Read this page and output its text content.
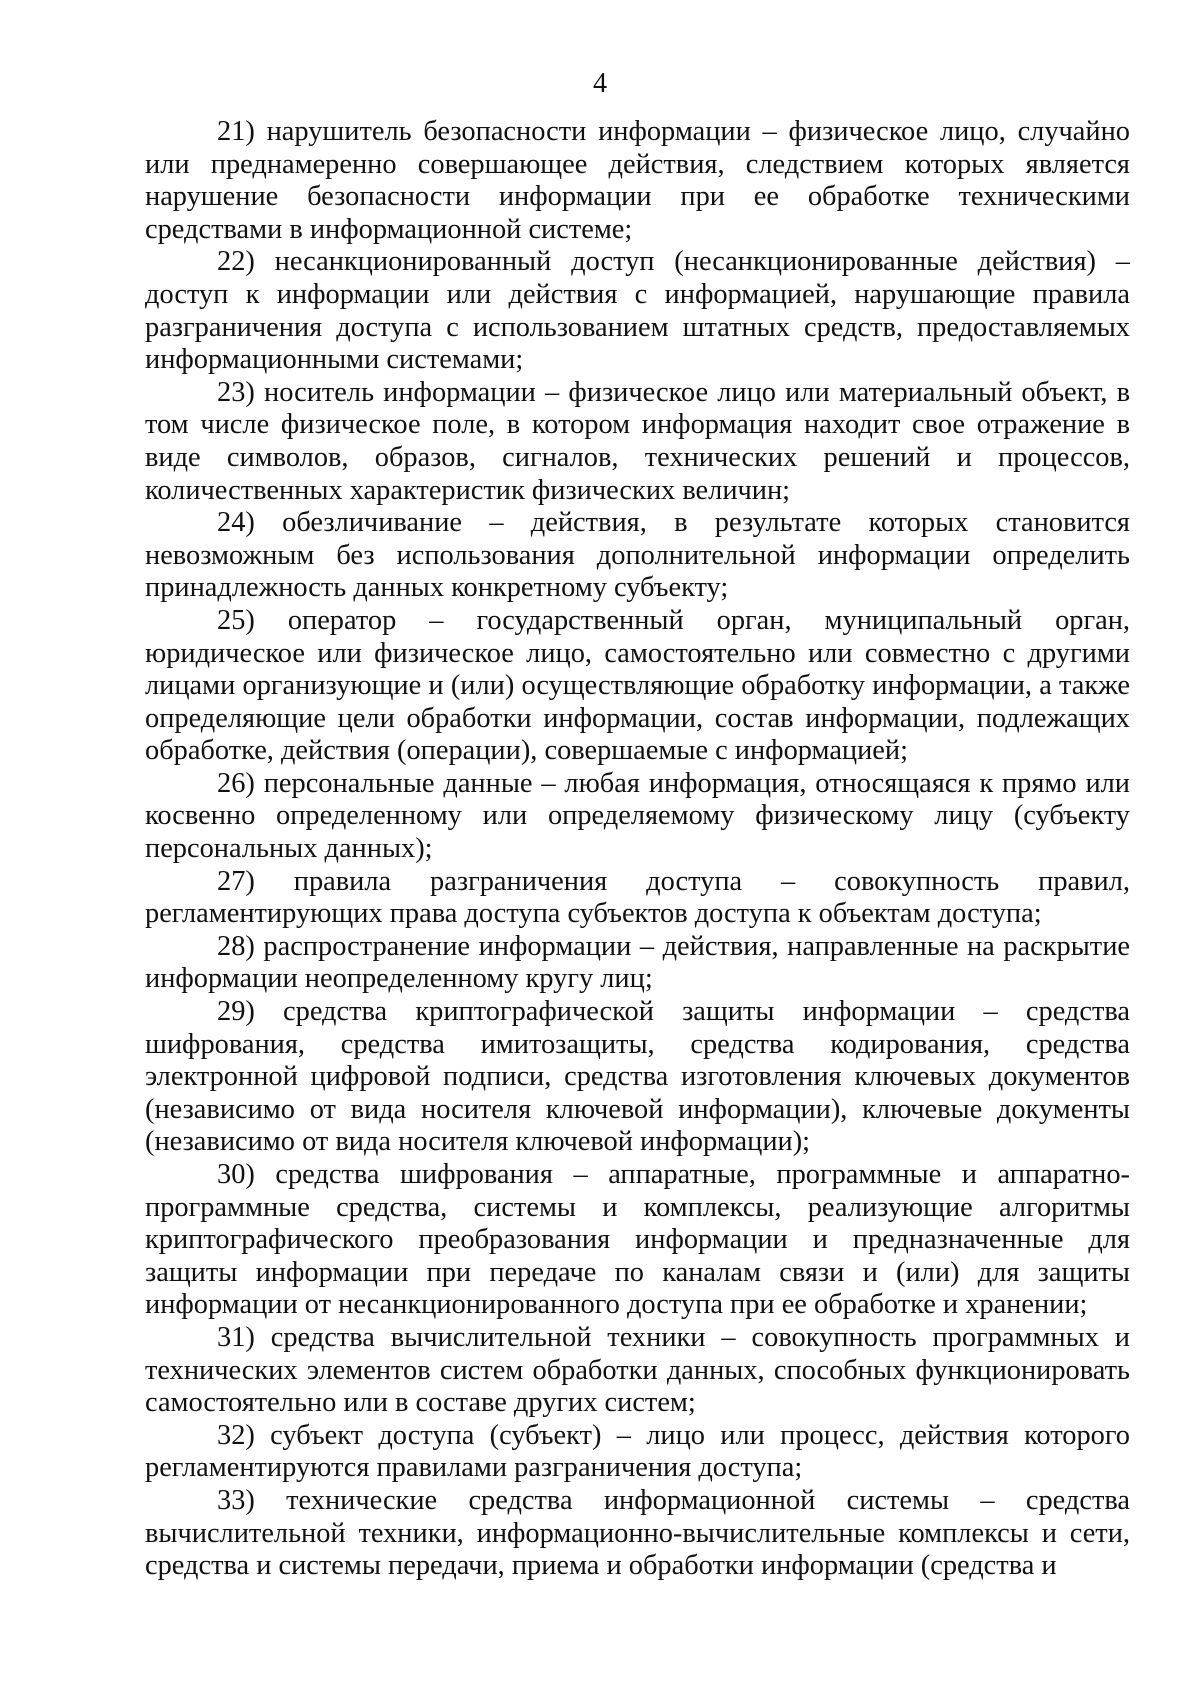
4

21) нарушитель безопасности информации – физическое лицо, случайно или преднамеренно совершающее действия, следствием которых является нарушение безопасности информации при ее обработке техническими средствами в информационной системе;

22) несанкционированный доступ (несанкционированные действия) – доступ к информации или действия с информацией, нарушающие правила разграничения доступа с использованием штатных средств, предоставляемых информационными системами;

23) носитель информации – физическое лицо или материальный объект, в том числе физическое поле, в котором информация находит свое отражение в виде символов, образов, сигналов, технических решений и процессов, количественных характеристик физических величин;

24) обезличивание – действия, в результате которых становится невозможным без использования дополнительной информации определить принадлежность данных конкретному субъекту;

25) оператор – государственный орган, муниципальный орган, юридическое или физическое лицо, самостоятельно или совместно с другими лицами организующие и (или) осуществляющие обработку информации, а также определяющие цели обработки информации, состав информации, подлежащих обработке, действия (операции), совершаемые с информацией;

26) персональные данные – любая информация, относящаяся к прямо или косвенно определенному или определяемому физическому лицу (субъекту персональных данных);

27) правила разграничения доступа – совокупность правил, регламентирующих права доступа субъектов доступа к объектам доступа;

28) распространение информации – действия, направленные на раскрытие информации неопределенному кругу лиц;

29) средства криптографической защиты информации – средства шифрования, средства имитозащиты, средства кодирования, средства электронной цифровой подписи, средства изготовления ключевых документов (независимо от вида носителя ключевой информации), ключевые документы (независимо от вида носителя ключевой информации);

30) средства шифрования – аппаратные, программные и аппаратно-программные средства, системы и комплексы, реализующие алгоритмы криптографического преобразования информации и предназначенные для защиты информации при передаче по каналам связи и (или) для защиты информации от несанкционированного доступа при ее обработке и хранении;

31) средства вычислительной техники – совокупность программных и технических элементов систем обработки данных, способных функционировать самостоятельно или в составе других систем;

32) субъект доступа (субъект) – лицо или процесс, действия которого регламентируются правилами разграничения доступа;

33) технические средства информационной системы – средства вычислительной техники, информационно-вычислительные комплексы и сети, средства и системы передачи, приема и обработки информации (средства и
